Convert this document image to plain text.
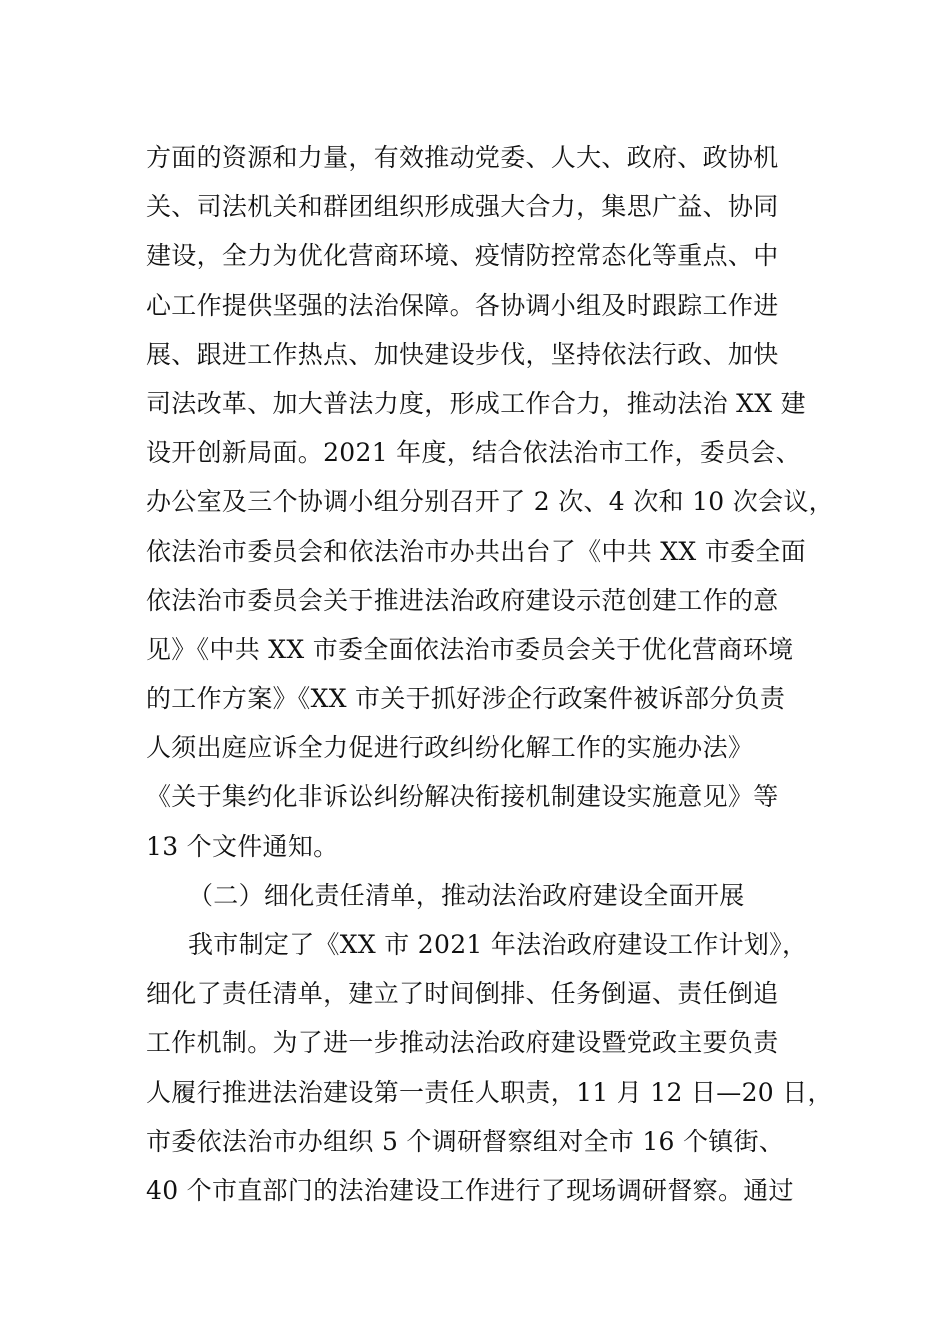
方面的资源和力量，有效推动党委、人大、政府、政协机
关、司法机关和群团组织形成强大合力，集思广益、协同
建设，全力为优化营商环境、疫情防控常态化等重点、中
心工作提供坚强的法治保障。各协调小组及时跟踪工作进
展、跟进工作热点、加快建设步伐，坚持依法行政、加快
司法改革、加大普法力度，形成工作合力，推动法治 XX 建
设开创新局面。2021 年度，结合依法治市工作，委员会、
办公室及三个协调小组分别召开了 2 次、4 次和 10 次会议，
依法治市委员会和依法治市办共出台了《中共 XX 市委全面
依法治市委员会关于推进法治政府建设示范创建工作的意
见》《中共 XX 市委全面依法治市委员会关于优化营商环境
的工作方案》《XX 市关于抓好涉企行政案件被诉部分负责
人须出庭应诉全力促进行政纠纷化解工作的实施办法》
《关于集约化非诉讼纠纷解决衔接机制建设实施意见》等
13 个文件通知。
（二）细化责任清单，推动法治政府建设全面开展
我市制定了《XX 市 2021 年法治政府建设工作计划》，
细化了责任清单，建立了时间倒排、任务倒逼、责任倒追
工作机制。为了进一步推动法治政府建设暨党政主要负责
人履行推进法治建设第一责任人职责，11 月 12 日—20 日，
市委依法治市办组织 5 个调研督察组对全市 16 个镇街、
40 个市直部门的法治建设工作进行了现场调研督察。通过
